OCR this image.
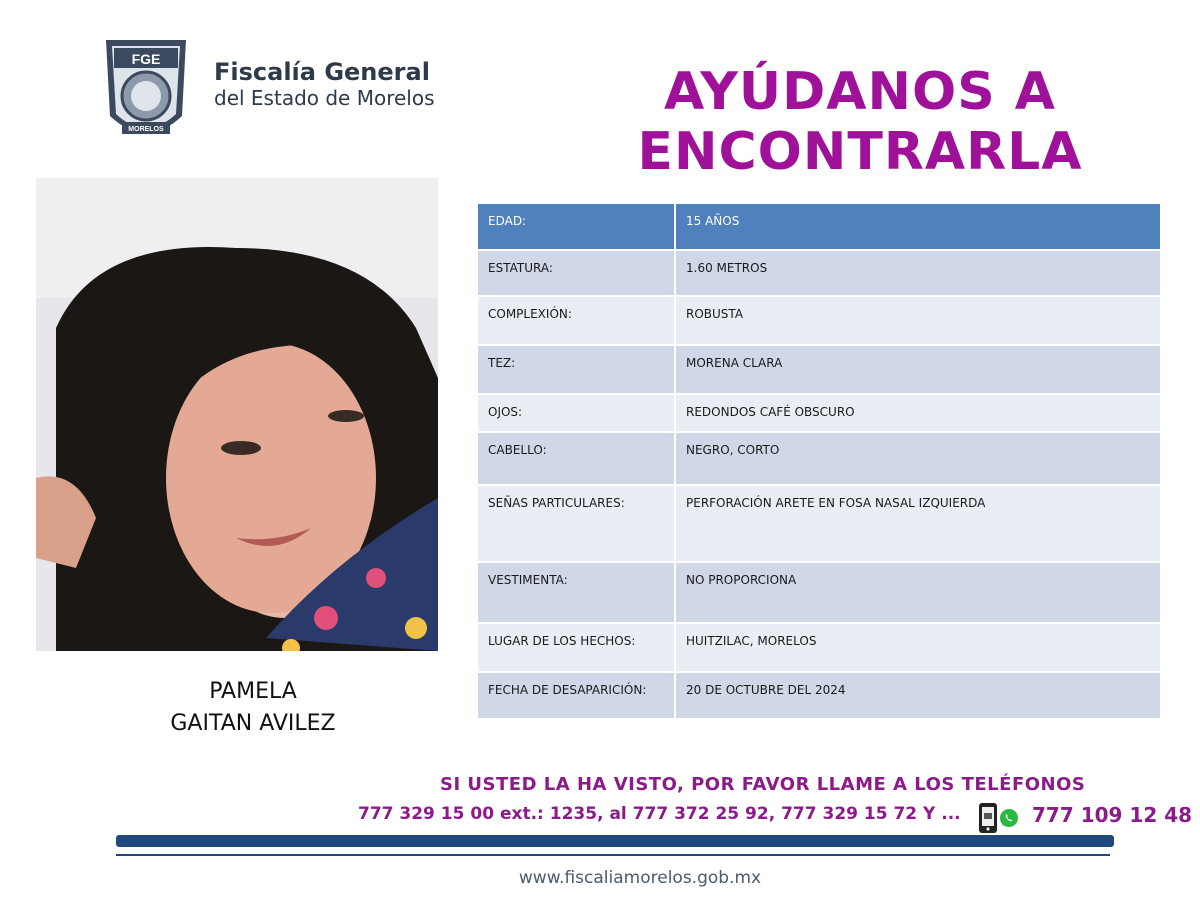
FGE
MORELOS
Fiscalía General
del Estado de Morelos	AYÚDANOS A
ENCONTRARLA
PAMELA
GAITAN AVILEZ
EDAD:	15 AÑOS
ESTATURA:	1.60 METROS
COMPLEXIÓN:	ROBUSTA
TEZ:	MORENA CLARA
OJOS:	REDONDOS CAFÉ OBSCURO
CABELLO:	NEGRO, CORTO
SEÑAS PARTICULARES:	PERFORACIÓN ARETE EN FOSA NASAL IZQUIERDA
VESTIMENTA:	NO PROPORCIONA
LUGAR DE LOS HECHOS:	HUITZILAC, MORELOS
FECHA DE DESAPARICIÓN:	20 DE OCTUBRE DEL 2024
SI USTED LA HA VISTO, POR FAVOR LLAME A LOS TELÉFONOS
777 329 15 00 ext.: 1235, al 777 372 25 92, 777 329 15 72 Y ...	777 109 12 48
www.fiscaliamorelos.gob.mx
